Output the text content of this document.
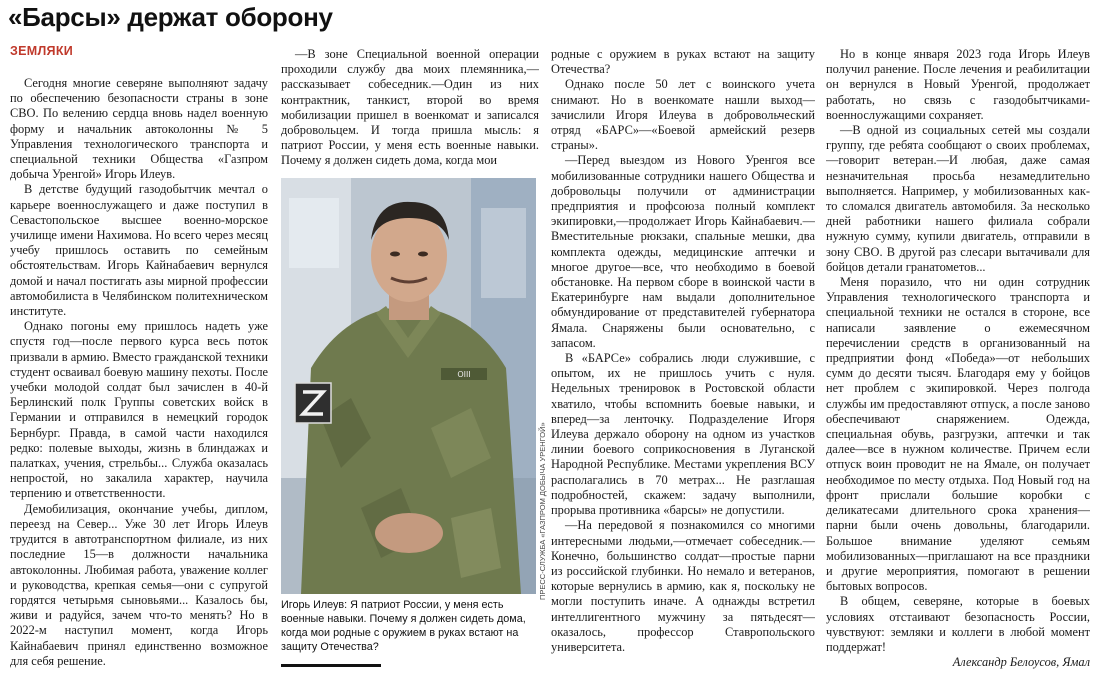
«Барсы» держат оборону
ЗЕМЛЯКИ

Сегодня многие северяне выполняют задачу по обеспечению безопасности страны в зоне СВО. По велению сердца вновь надел военную форму и начальник автоколонны № 5 Управления технологического транспорта и специальной техники Общества «Газпром добыча Уренгой» Игорь Илеув.

В детстве будущий газодобытчик мечтал о карьере военнослужащего и даже поступил в Севастопольское высшее военно-морское училище имени Нахимова. Но всего через месяц учебу пришлось оставить по семейным обстоятельствам. Игорь Кайнабаевич вернулся домой и начал постигать азы мирной профессии автомобилиста в Челябинском политехническом институте.

Однако погоны ему пришлось надеть уже спустя год—после первого курса весь поток призвали в армию. Вместо гражданской техники студент осваивал боевую машину пехоты. После учебки молодой солдат был зачислен в 40-й Берлинский полк Группы советских войск в Германии и отправился в немецкий городок Бернбург. Правда, в самой части находился редко: полевые выходы, жизнь в блиндажах и палатках, учения, стрельбы... Служба оказалась непростой, но закалила характер, научила терпению и ответственности.

Демобилизация, окончание учебы, диплом, переезд на Север... Уже 30 лет Игорь Илеув трудится в автотранспортном филиале, из них последние 15—в должности начальника автоколонны. Любимая работа, уважение коллег и руководства, крепкая семья—они с супругой гордятся четырьмя сыновьями... Казалось бы, живи и радуйся, зачем что-то менять? Но в 2022-м наступил момент, когда Игорь Кайнабаевич принял единственно возможное для себя решение.

—В зоне Специальной военной операции проходили службу два моих племянника,— рассказывает собеседник.—Один из них контрактник, танкист, второй во время мобилизации пришел в военкомат и записался добровольцем. И тогда пришла мысль: я патриот России, у меня есть военные навыки. Почему я должен сидеть дома, когда мои

ОIII
ПРЕСС-СЛУЖБА «ГАЗПРОМ ДОБЫЧА УРЕНГОЙ»
Игорь Илеув: Я патриот России, у меня есть военные навыки. Почему я должен сидеть дома, когда мои родные с оружием в руках встают на защиту Отечества?

родные с оружием в руках встают на защиту Отечества?

Однако после 50 лет с воинского учета снимают. Но в военкомате нашли выход—зачислили Игоря Илеува в добровольческий отряд «БАРС»—«Боевой армейский резерв страны».

—Перед выездом из Нового Уренгоя все мобилизованные сотрудники нашего Общества и добровольцы получили от администрации предприятия и профсоюза полный комплект экипировки,—продолжает Игорь Кайнабаевич.—Вместительные рюкзаки, спальные мешки, два комплекта одежды, медицинские аптечки и многое другое—все, что необходимо в боевой обстановке. На первом сборе в воинской части в Екатеринбурге нам выдали дополнительное обмундирование от представителей губернатора Ямала. Снаряжены были основательно, с запасом.

В «БАРСе» собрались люди служившие, с опытом, их не пришлось учить с нуля. Недельных тренировок в Ростовской области хватило, чтобы вспомнить боевые навыки, и вперед—за ленточку. Подразделение Игоря Илеува держало оборону на одном из участков линии боевого соприкосновения в Луганской Народной Республике. Местами укрепления ВСУ располагались в 70 метрах... Не разглашая подробностей, скажем: задачу выполнили, прорыва противника «барсы» не допустили.

—На передовой я познакомился со многими интересными людьми,—отмечает собеседник.—Конечно, большинство солдат—простые парни из российской глубинки. Но немало и ветеранов, которые вернулись в армию, как я, поскольку не могли поступить иначе. А однажды встретил интеллигентного мужчину за пятьдесят—оказалось, профессор Ставропольского университета.

Но в конце января 2023 года Игорь Илеув получил ранение. После лечения и реабилитации он вернулся в Новый Уренгой, продолжает работать, но связь с газодобытчиками-военнослужащими сохраняет.

—В одной из социальных сетей мы создали группу, где ребята сообщают о своих проблемах,—говорит ветеран.—И любая, даже самая незначительная просьба незамедлительно выполняется. Например, у мобилизованных как-то сломался двигатель автомобиля. За несколько дней работники нашего филиала собрали нужную сумму, купили двигатель, отправили в зону СВО. В другой раз слесари вытачивали для бойцов детали гранатометов...

Меня поразило, что ни один сотрудник Управления технологического транспорта и специальной техники не остался в стороне, все написали заявление о ежемесячном перечислении средств в организованный на предприятии фонд «Победа»—от небольших сумм до десяти тысяч. Благодаря ему у бойцов нет проблем с экипировкой. Через полгода службы им предоставляют отпуск, а после заново обеспечивают снаряжением. Одежда, специальная обувь, разгрузки, аптечки и так далее—все в нужном количестве. Причем если отпуск воин проводит не на Ямале, он получает необходимое по месту отдыха. Под Новый год на фронт прислали большие коробки с деликатесами длительного срока хранения—парни были очень довольны, благодарили. Большое внимание уделяют семьям мобилизованных—приглашают на все праздники и другие мероприятия, помогают в решении бытовых вопросов.

В общем, северяне, которые в боевых условиях отстаивают безопасность России, чувствуют: земляки и коллеги в любой момент поддержат!

Александр Белоусов, Ямал
